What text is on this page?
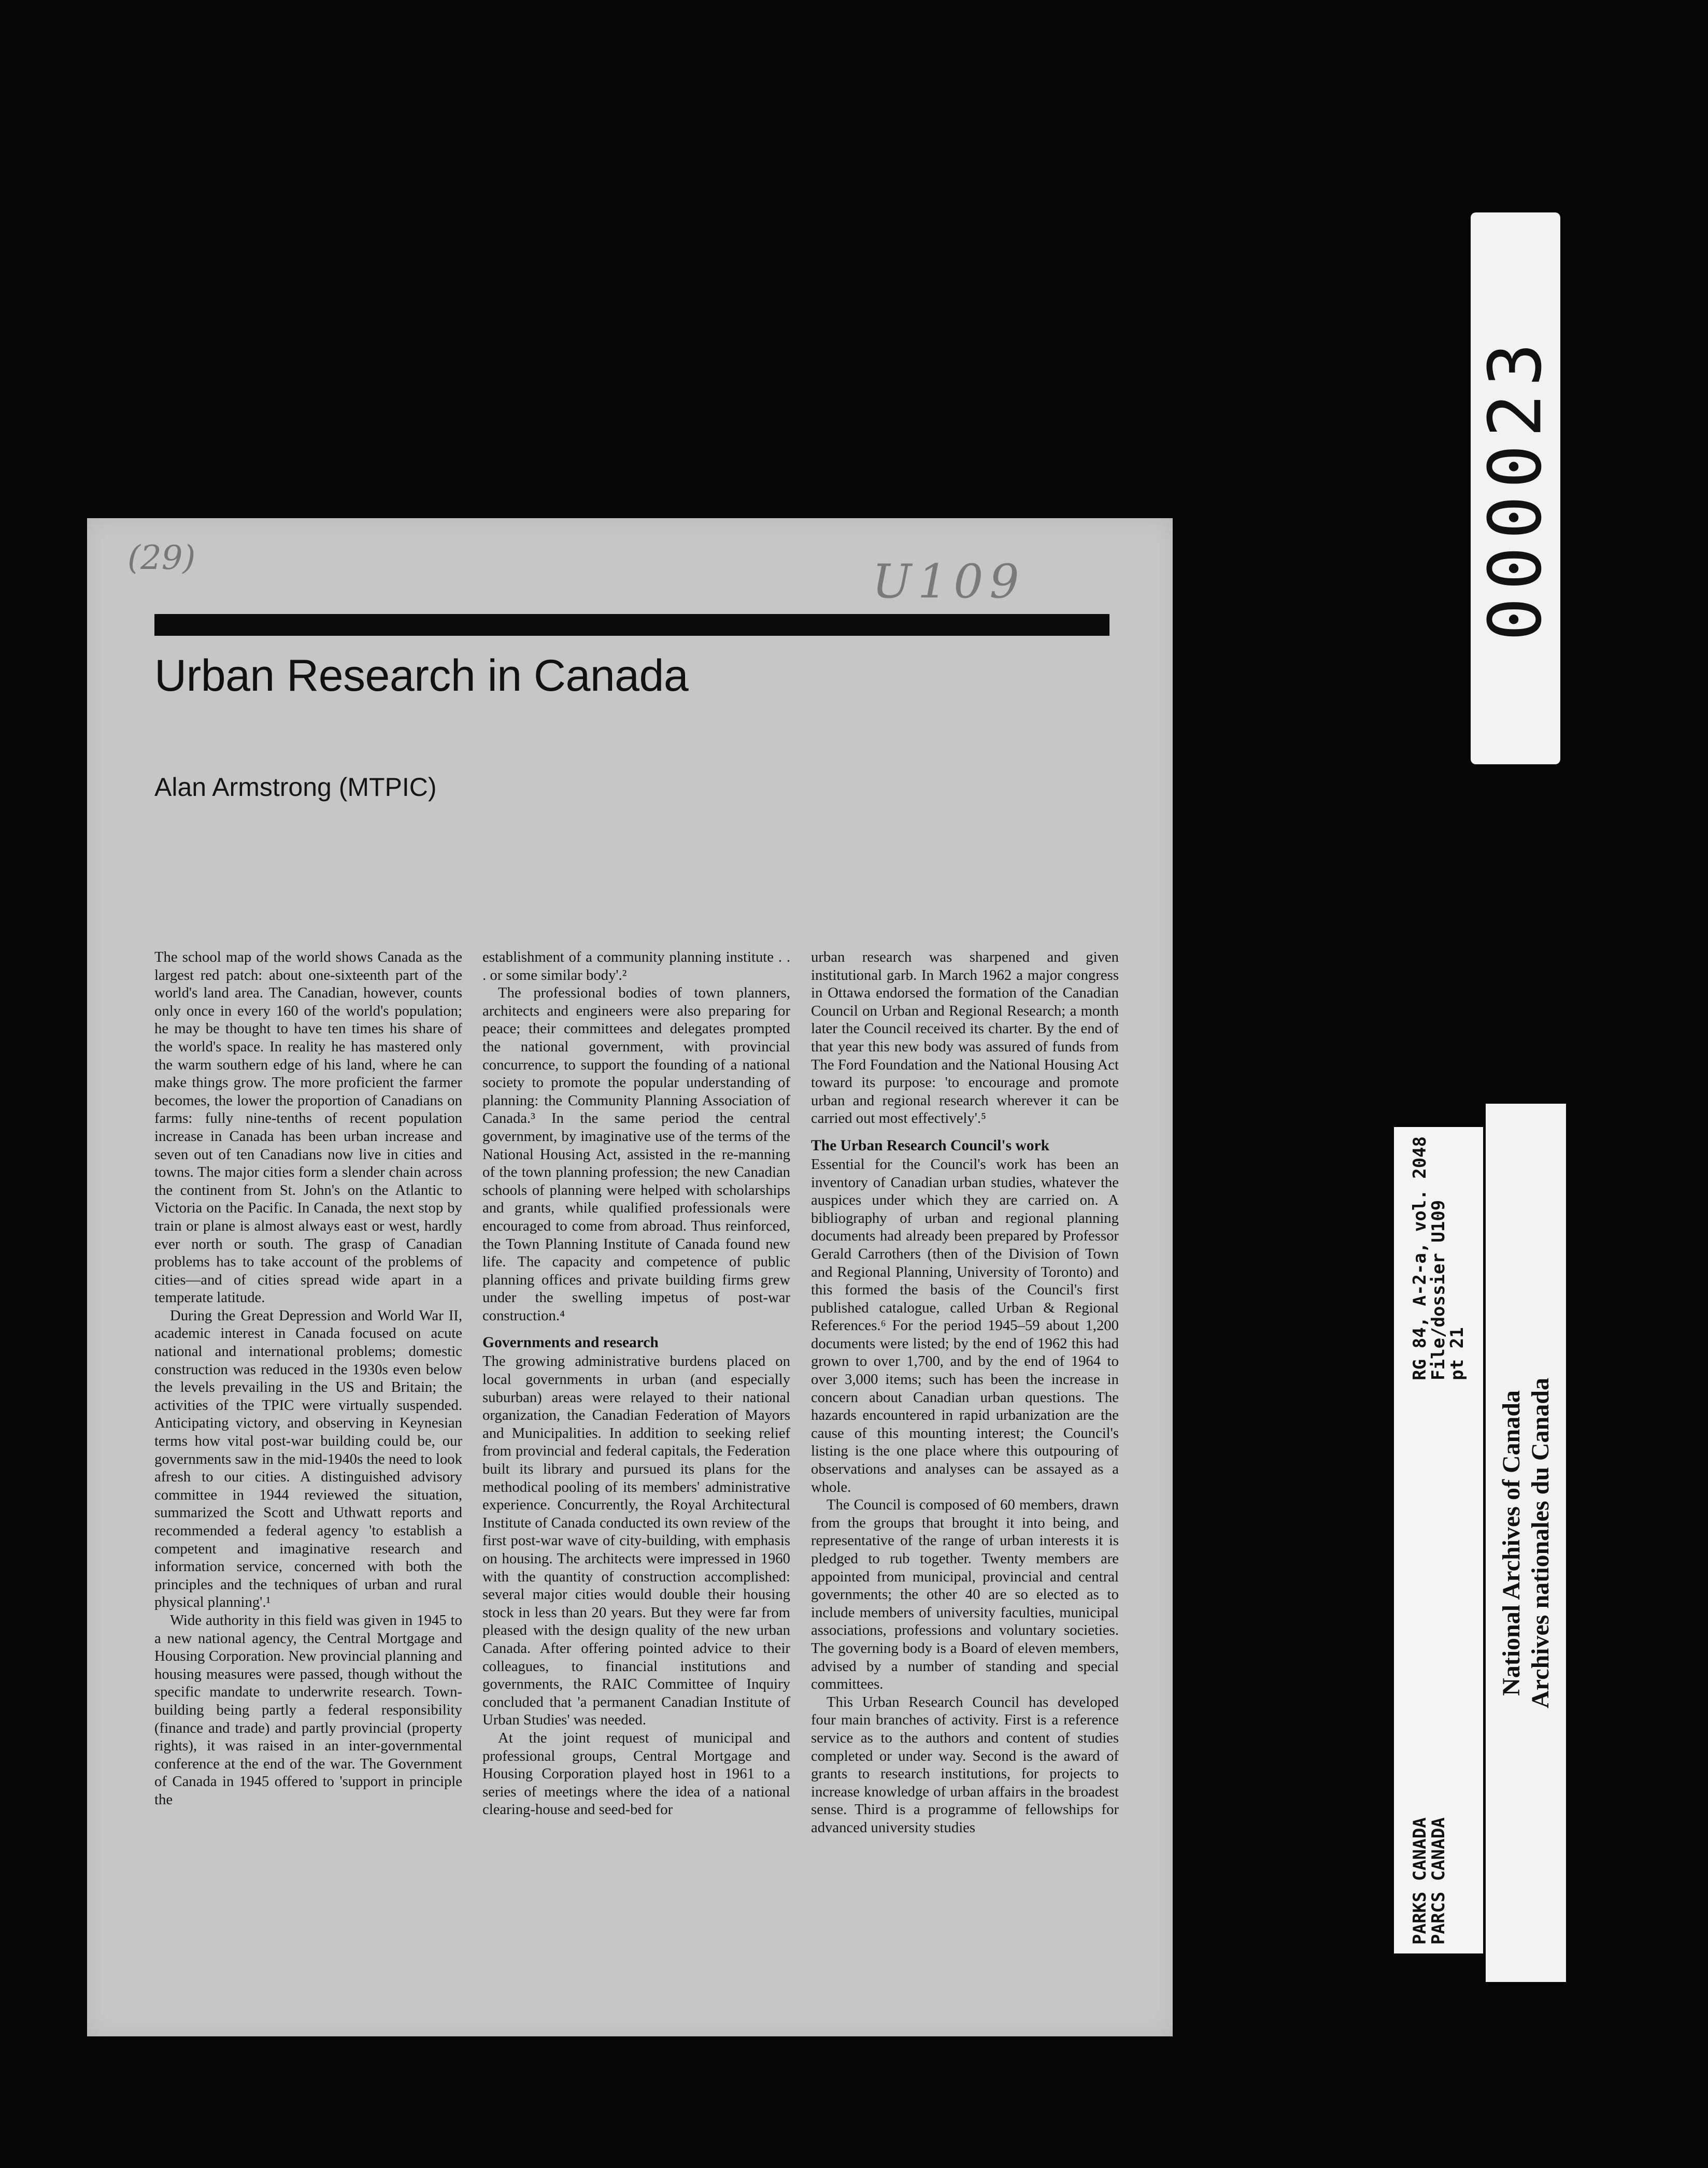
(29)	U109
Urban Research in Canada
Alan Armstrong (MTPIC)

The school map of the world shows Canada as the largest red patch: about one-sixteenth part of the world's land area. The Canadian, however, counts only once in every 160 of the world's population; he may be thought to have ten times his share of the world's space. In reality he has mastered only the warm southern edge of his land, where he can make things grow. The more proficient the farmer becomes, the lower the proportion of Canadians on farms: fully nine-tenths of recent population increase in Canada has been urban increase and seven out of ten Canadians now live in cities and towns. The major cities form a slender chain across the continent from St. John's on the Atlantic to Victoria on the Pacific. In Canada, the next stop by train or plane is almost always east or west, hardly ever north or south. The grasp of Canadian problems has to take account of the problems of cities—and of cities spread wide apart in a temperate latitude.

During the Great Depression and World War II, academic interest in Canada focused on acute national and international problems; domestic construction was reduced in the 1930s even below the levels prevailing in the US and Britain; the activities of the TPIC were virtually suspended. Anticipating victory, and observing in Keynesian terms how vital post-war building could be, our governments saw in the mid-1940s the need to look afresh to our cities. A distinguished advisory committee in 1944 reviewed the situation, summarized the Scott and Uthwatt reports and recommended a federal agency 'to establish a competent and imaginative research and information service, concerned with both the principles and the techniques of urban and rural physical planning'.¹

Wide authority in this field was given in 1945 to a new national agency, the Central Mortgage and Housing Corporation. New provincial planning and housing measures were passed, though without the specific mandate to underwrite research. Town-building being partly a federal responsibility (finance and trade) and partly provincial (property rights), it was raised in an inter-governmental conference at the end of the war. The Government of Canada in 1945 offered to 'support in principle the

establishment of a community planning institute . . . or some similar body'.²

The professional bodies of town planners, architects and engineers were also preparing for peace; their committees and delegates prompted the national government, with provincial concurrence, to support the founding of a national society to promote the popular understanding of planning: the Community Planning Association of Canada.³ In the same period the central government, by imaginative use of the terms of the National Housing Act, assisted in the re-manning of the town planning profession; the new Canadian schools of planning were helped with scholarships and grants, while qualified professionals were encouraged to come from abroad. Thus reinforced, the Town Planning Institute of Canada found new life. The capacity and competence of public planning offices and private building firms grew under the swelling impetus of post-war construction.⁴

Governments and research

The growing administrative burdens placed on local governments in urban (and especially suburban) areas were relayed to their national organization, the Canadian Federation of Mayors and Municipalities. In addition to seeking relief from provincial and federal capitals, the Federation built its library and pursued its plans for the methodical pooling of its members' administrative experience. Concurrently, the Royal Architectural Institute of Canada conducted its own review of the first post-war wave of city-building, with emphasis on housing. The architects were impressed in 1960 with the quantity of construction accomplished: several major cities would double their housing stock in less than 20 years. But they were far from pleased with the design quality of the new urban Canada. After offering pointed advice to their colleagues, to financial institutions and governments, the RAIC Committee of Inquiry concluded that 'a permanent Canadian Institute of Urban Studies' was needed.

At the joint request of municipal and professional groups, Central Mortgage and Housing Corporation played host in 1961 to a series of meetings where the idea of a national clearing-house and seed-bed for

urban research was sharpened and given institutional garb. In March 1962 a major congress in Ottawa endorsed the formation of the Canadian Council on Urban and Regional Research; a month later the Council received its charter. By the end of that year this new body was assured of funds from The Ford Foundation and the National Housing Act toward its purpose: 'to encourage and promote urban and regional research wherever it can be carried out most effectively'.⁵

The Urban Research Council's work

Essential for the Council's work has been an inventory of Canadian urban studies, whatever the auspices under which they are carried on. A bibliography of urban and regional planning documents had already been prepared by Professor Gerald Carrothers (then of the Division of Town and Regional Planning, University of Toronto) and this formed the basis of the Council's first published catalogue, called Urban & Regional References.⁶ For the period 1945–59 about 1,200 documents were listed; by the end of 1962 this had grown to over 1,700, and by the end of 1964 to over 3,000 items; such has been the increase in concern about Canadian urban questions. The hazards encountered in rapid urbanization are the cause of this mounting interest; the Council's listing is the one place where this outpouring of observations and analyses can be assayed as a whole.

The Council is composed of 60 members, drawn from the groups that brought it into being, and representative of the range of urban interests it is pledged to rub together. Twenty members are appointed from municipal, provincial and central governments; the other 40 are so elected as to include members of university faculties, municipal associations, professions and voluntary societies. The governing body is a Board of eleven members, advised by a number of standing and special committees.

This Urban Research Council has developed four main branches of activity. First is a reference service as to the authors and content of studies completed or under way. Second is the award of grants to research institutions, for projects to increase knowledge of urban affairs in the broadest sense. Third is a programme of fellowships for advanced university studies

000023
PARKS CANADA
PARCS CANADA
RG 84, A-2-a, vol. 2048
File/dossier U109
pt 21
National Archives of Canada Archives nationales du Canada
